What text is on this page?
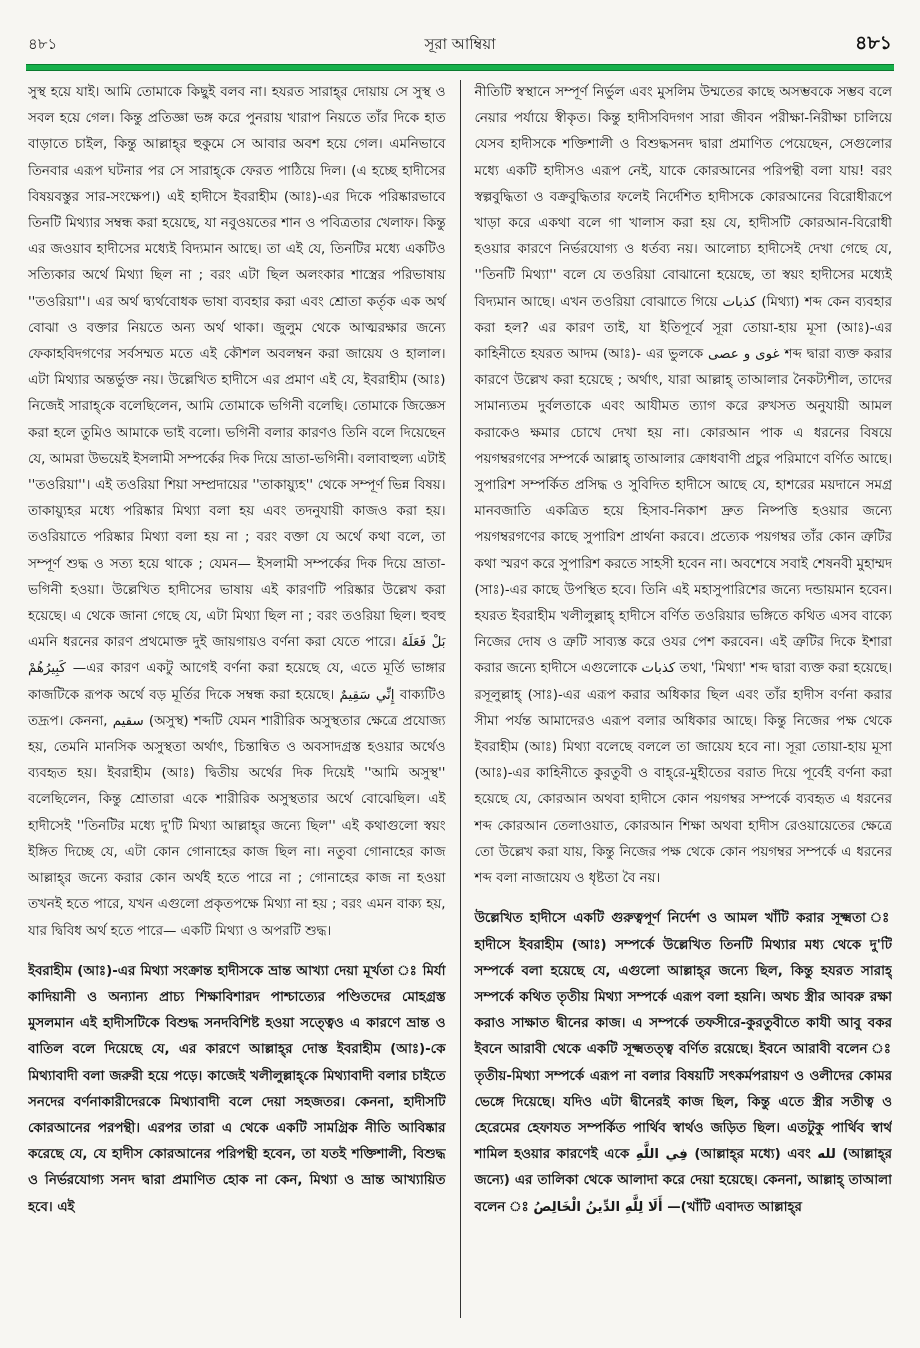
৪৮১	সূরা আম্বিয়া	৪৮১

সুস্থ হয়ে যাই। আমি তোমাকে কিছুই বলব না। হযরত সারাহ্‌র দোয়ায় সে সুস্থ ও সবল হয়ে গেল। কিন্তু প্রতিজ্ঞা ভঙ্গ করে পুনরায় খারাপ নিয়তে তাঁর দিকে হাত বাড়াতে চাইল, কিন্তু আল্লাহ্‌র হুকুমে সে আবার অবশ হয়ে গেল। এমনিভাবে তিনবার এরূপ ঘটনার পর সে সারাহ্‌কে ফেরত পাঠিয়ে দিল। (এ হচ্ছে হাদীসের বিষয়বস্তুর সার-সংক্ষেপ।) এই হাদীসে ইবরাহীম (আঃ)-এর দিকে পরিষ্কারভাবে তিনটি মিথ্যার সম্বন্ধ করা হয়েছে, যা নবুওয়তের শান ও পবিত্রতার খেলাফ। কিন্তু এর জওয়াব হাদীসের মধ্যেই বিদ্যমান আছে। তা এই যে, তিনটির মধ্যে একটিও সত্যিকার অর্থে মিথ্যা ছিল না ; বরং এটা ছিল অলংকার শাস্ত্রের পরিভাষায় ''তওরিয়া''। এর অর্থ দ্ব্যর্থবোধক ভাষা ব্যবহার করা এবং শ্রোতা কর্তৃক এক অর্থ বোঝা ও বক্তার নিয়তে অন্য অর্থ থাকা। জুলুম থেকে আত্মরক্ষার জন্যে ফেকাহবিদগণের সর্বসম্মত মতে এই কৌশল অবলম্বন করা জায়েয ও হালাল। এটা মিথ্যার অন্তর্ভুক্ত নয়। উল্লেখিত হাদীসে এর প্রমাণ এই যে, ইবরাহীম (আঃ) নিজেই সারাহ্‌কে বলেছিলেন, আমি তোমাকে ভগিনী বলেছি। তোমাকে জিজ্ঞেস করা হলে তুমিও আমাকে ভাই বলো। ভগিনী বলার কারণও তিনি বলে দিয়েছেন যে, আমরা উভয়েই ইসলামী সম্পর্কের দিক দিয়ে ভ্রাতা-ভগিনী। বলাবাহুল্য এটাই ''তওরিয়া''। এই তওরিয়া শিয়া সম্প্রদায়ের ''তাকায়্যুহ'' থেকে সম্পূর্ণ ভিন্ন বিষয়। তাকায়্যুহর মধ্যে পরিষ্কার মিথ্যা বলা হয় এবং তদনুযায়ী কাজও করা হয়। তওরিয়াতে পরিষ্কার মিথ্যা বলা হয় না ; বরং বক্তা যে অর্থে কথা বলে, তা সম্পূর্ণ শুদ্ধ ও সত্য হয়ে থাকে ; যেমন— ইসলামী সম্পর্কের দিক দিয়ে ভ্রাতা-ভগিনী হওয়া। উল্লেখিত হাদীসের ভাষায় এই কারণটি পরিষ্কার উল্লেখ করা হয়েছে। এ থেকে জানা গেছে যে, এটা মিথ্যা ছিল না ; বরং তওরিয়া ছিল। হুবহু এমনি ধরনের কারণ প্রথমোক্ত দুই জায়গায়ও বর্ণনা করা যেতে পারে। بَلْ فَعَلَهُ كَبِيرُهُمْ —এর কারণ একটু আগেই বর্ণনা করা হয়েছে যে, এতে মূর্তি ভাঙ্গার কাজটিকে রূপক অর্থে বড় মূর্তির দিকে সম্বন্ধ করা হয়েছে। إِنِّي سَقِيمٌ বাক্যটিও তদ্রূপ। কেননা, سقيم (অসুস্থ) শব্দটি যেমন শারীরিক অসুস্থতার ক্ষেত্রে প্রযোজ্য হয়, তেমনি মানসিক অসুস্থতা অর্থাৎ, চিন্তান্বিত ও অবসাদগ্রস্ত হওয়ার অর্থেও ব্যবহৃত হয়। ইবরাহীম (আঃ) দ্বিতীয় অর্থের দিক দিয়েই ''আমি অসুস্থ'' বলেছিলেন, কিন্তু শ্রোতারা একে শারীরিক অসুস্থতার অর্থে বোঝেছিল। এই হাদীসেই ''তিনটির মধ্যে দু'টি মিথ্যা আল্লাহ্‌র জন্যে ছিল'' এই কথাগুলো স্বয়ং ইঙ্গিত দিচ্ছে যে, এটা কোন গোনাহের কাজ ছিল না। নতুবা গোনাহের কাজ আল্লাহ্‌র জন্যে করার কোন অর্থই হতে পারে না ; গোনাহের কাজ না হওয়া তখনই হতে পারে, যখন এগুলো প্রকৃতপক্ষে মিথ্যা না হয় ; বরং এমন বাক্য হয়, যার দ্বিবিধ অর্থ হতে পারে— একটি মিথ্যা ও অপরটি শুদ্ধ।

ইবরাহীম (আঃ)-এর মিথ্যা সংক্রান্ত হাদীসকে ভ্রান্ত আখ্যা দেয়া মূর্খতা ঃ মির্যা কাদিয়ানী ও অন্যান্য প্রাচ্য শিক্ষাবিশারদ পাশ্চাত্যের পণ্ডিতদের মোহগ্রস্ত মুসলমান এই হাদীসটিকে বিশুদ্ধ সনদবিশিষ্ট হওয়া সত্ত্বেও এ কারণে ভ্রান্ত ও বাতিল বলে দিয়েছে যে, এর কারণে আল্লাহ্‌র দোস্ত ইবরাহীম (আঃ)-কে মিথ্যাবাদী বলা জরুরী হয়ে পড়ে। কাজেই খলীলুল্লাহ্‌কে মিথ্যাবাদী বলার চাইতে সনদের বর্ণনাকারীদেরকে মিথ্যাবাদী বলে দেয়া সহজতর। কেননা, হাদীসটি কোরআনের পরপন্থী। এরপর তারা এ থেকে একটি সামগ্রিক নীতি আবিষ্কার করেছে যে, যে হাদীস কোরআনের পরিপন্থী হবেন, তা যতই শক্তিশালী, বিশুদ্ধ ও নির্ভরযোগ্য সনদ দ্বারা প্রমাণিত হোক না কেন, মিথ্যা ও ভ্রান্ত আখ্যায়িত হবে। এই

নীতিটি স্বস্থানে সম্পূর্ণ নির্ভুল এবং মুসলিম উম্মতের কাছে অসম্ভবকে সম্ভব বলে নেয়ার পর্যায়ে স্বীকৃত। কিন্তু হাদীসবিদগণ সারা জীবন পরীক্ষা-নিরীক্ষা চালিয়ে যেসব হাদীসকে শক্তিশালী ও বিশুদ্ধসনদ দ্বারা প্রমাণিত পেয়েছেন, সেগুলোর মধ্যে একটি হাদীসও এরূপ নেই, যাকে কোরআনের পরিপন্থী বলা যায়! বরং স্বল্পবুদ্ধিতা ও বক্রবুদ্ধিতার ফলেই নির্দেশিত হাদীসকে কোরআনের বিরোধীরূপে খাড়া করে একথা বলে গা খালাস করা হয় যে, হাদীসটি কোরআন-বিরোধী হওয়ার কারণে নির্ভরযোগ্য ও ধর্তব্য নয়। আলোচ্য হাদীসেই দেখা গেছে যে, ''তিনটি মিথ্যা'' বলে যে তওরিয়া বোঝানো হয়েছে, তা স্বয়ং হাদীসের মধ্যেই বিদ্যমান আছে। এখন তওরিয়া বোঝাতে গিয়ে كذبات (মিথ্যা) শব্দ কেন ব্যবহার করা হল? এর কারণ তাই, যা ইতিপূর্বে সূরা তোয়া-হায় মূসা (আঃ)-এর কাহিনীতে হযরত আদম (আঃ)- এর ভুলকে غوى و عصى শব্দ দ্বারা ব্যক্ত করার কারণে উল্লেখ করা হয়েছে ; অর্থাৎ, যারা আল্লাহ্ তাআলার নৈকট্যশীল, তাদের সামান্যতম দুর্বলতাকে এবং আযীমত ত্যাগ করে রুখসত অনুযায়ী আমল করাকেও ক্ষমার চোখে দেখা হয় না। কোরআন পাক এ ধরনের বিষয়ে পয়গম্বরগণের সম্পর্কে আল্লাহ্ তাআলার ক্রোধবাণী প্রচুর পরিমাণে বর্ণিত আছে। সুপারিশ সম্পর্কিত প্রসিদ্ধ ও সুবিদিত হাদীসে আছে যে, হাশরের ময়দানে সমগ্র মানবজাতি একত্রিত হয়ে হিসাব-নিকাশ দ্রুত নিষ্পত্তি হওয়ার জন্যে পয়গম্বরগণের কাছে সুপারিশ প্রার্থনা করবে। প্রত্যেক পয়গম্বর তাঁর কোন ত্রুটির কথা স্মরণ করে সুপারিশ করতে সাহসী হবেন না। অবশেষে সবাই শেষনবী মুহাম্মদ (সাঃ)-এর কাছে উপস্থিত হবে। তিনি এই মহাসুপারিশের জন্যে দন্ডায়মান হবেন। হযরত ইবরাহীম খলীলুল্লাহ্ হাদীসে বর্ণিত তওরিয়ার ভঙ্গিতে কথিত এসব বাক্যে নিজের দোষ ও ত্রুটি সাব্যস্ত করে ওযর পেশ করবেন। এই ত্রুটির দিকে ইশারা করার জন্যে হাদীসে এগুলোকে كذبات তথা, 'মিথ্যা' শব্দ দ্বারা ব্যক্ত করা হয়েছে। রসূলুল্লাহ্ (সাঃ)-এর এরূপ করার অধিকার ছিল এবং তাঁর হাদীস বর্ণনা করার সীমা পর্যন্ত আমাদেরও এরূপ বলার অধিকার আছে। কিন্তু নিজের পক্ষ থেকে ইবরাহীম (আঃ) মিথ্যা বলেছে বললে তা জায়েয হবে না। সূরা তোয়া-হায় মূসা (আঃ)-এর কাহিনীতে কুরতুবী ও বাহ্‌রে-মুহীতের বরাত দিয়ে পূর্বেই বর্ণনা করা হয়েছে যে, কোরআন অথবা হাদীসে কোন পয়গম্বর সম্পর্কে ব্যবহৃত এ ধরনের শব্দ কোরআন তেলাওয়াত, কোরআন শিক্ষা অথবা হাদীস রেওয়ায়েতের ক্ষেত্রে তো উল্লেখ করা যায়, কিন্তু নিজের পক্ষ থেকে কোন পয়গম্বর সম্পর্কে এ ধরনের শব্দ বলা নাজায়েয ও ধৃষ্টতা বৈ নয়।

উল্লেখিত হাদীসে একটি গুরুত্বপূর্ণ নির্দেশ ও আমল খাঁটি করার সূক্ষ্মতা ঃ হাদীসে ইবরাহীম (আঃ) সম্পর্কে উল্লেখিত তিনটি মিথ্যার মধ্য থেকে দু'টি সম্পর্কে বলা হয়েছে যে, এগুলো আল্লাহ্‌র জন্যে ছিল, কিন্তু হযরত সারাহ্ সম্পর্কে কথিত তৃতীয় মিথ্যা সম্পর্কে এরূপ বলা হয়নি। অথচ স্ত্রীর আবরু রক্ষা করাও সাক্ষাত দ্বীনের কাজ। এ সম্পর্কে তফসীরে-কুরতুবীতে কাযী আবু বকর ইবনে আরাবী থেকে একটি সূক্ষ্মতত্ত্ব বর্ণিত রয়েছে। ইবনে আরাবী বলেন ঃ তৃতীয়-মিথ্যা সম্পর্কে এরূপ না বলার বিষয়টি সৎকর্মপরায়ণ ও ওলীদের কোমর ভেঙ্গে দিয়েছে। যদিও এটা দ্বীনেরই কাজ ছিল, কিন্তু এতে স্ত্রীর সতীত্ব ও হেরেমের হেফাযত সম্পর্কিত পার্থিব স্বার্থও জড়িত ছিল। এতটুকু পার্থিব স্বার্থ শামিল হওয়ার কারণেই একে فِي اللَّهِ (আল্লাহ্‌র মধ্যে) এবং لله (আল্লাহ্‌র জন্যে) এর তালিকা থেকে আলাদা করে দেয়া হয়েছে। কেননা, আল্লাহ্ তাআলা বলেন ঃ أَلَا لِلَّهِ الدِّينُ الْخَالِصُ —(খাঁটি এবাদত আল্লাহ্‌র
